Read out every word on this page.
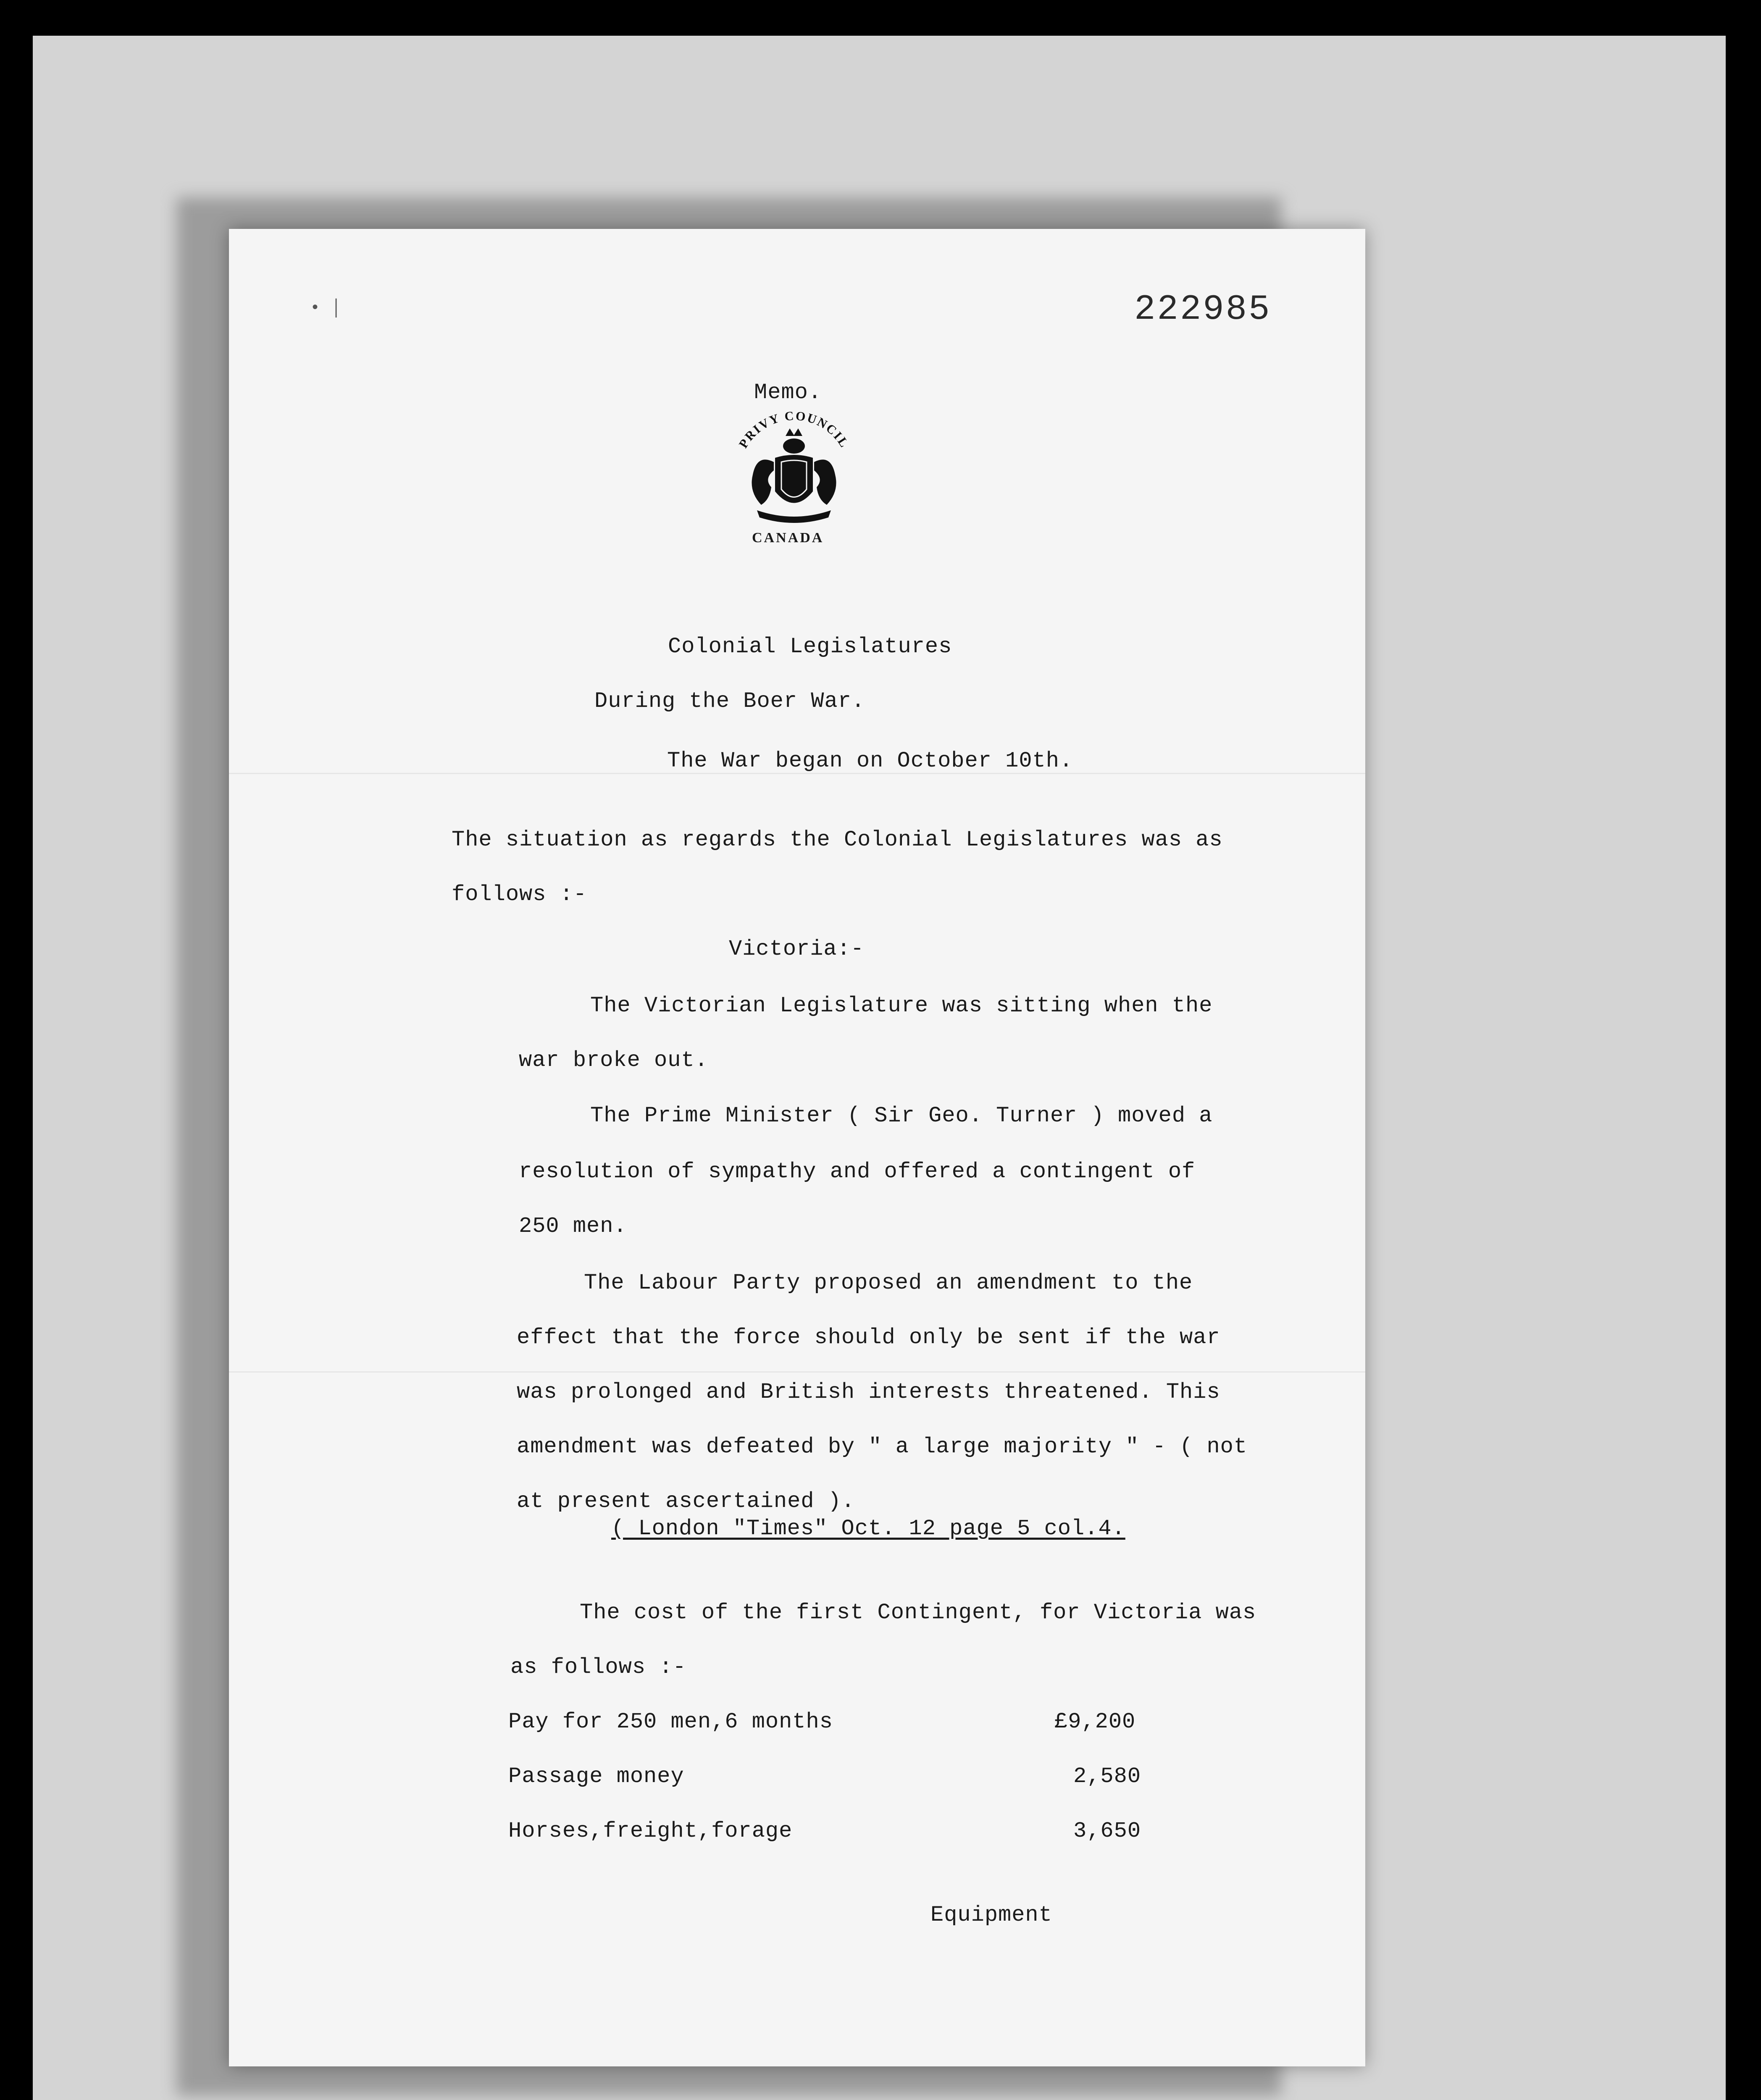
• │	222985
Memo.
PRIVY COUNCIL
CANADA
Colonial Legislatures
During the Boer War.
The War began on October 10th.
The situation as regards the Colonial Legislatures was as
follows :-
Victoria:-
The Victorian Legislature was sitting when the
war broke out.
The Prime Minister ( Sir Geo. Turner ) moved a
resolution of sympathy and offered a contingent of
250 men.
The Labour Party proposed an amendment to the
effect that the force should only be sent if the war
was prolonged and British interests threatened. This
amendment was defeated by " a large majority " - ( not
at present ascertained ).
( London "Times" Oct. 12 page 5 col.4.
The cost of the first Contingent, for Victoria was
as follows :-
Pay for 250 men,6 months	£9,200
Passage money	2,580
Horses,freight,forage	3,650
Equipment
